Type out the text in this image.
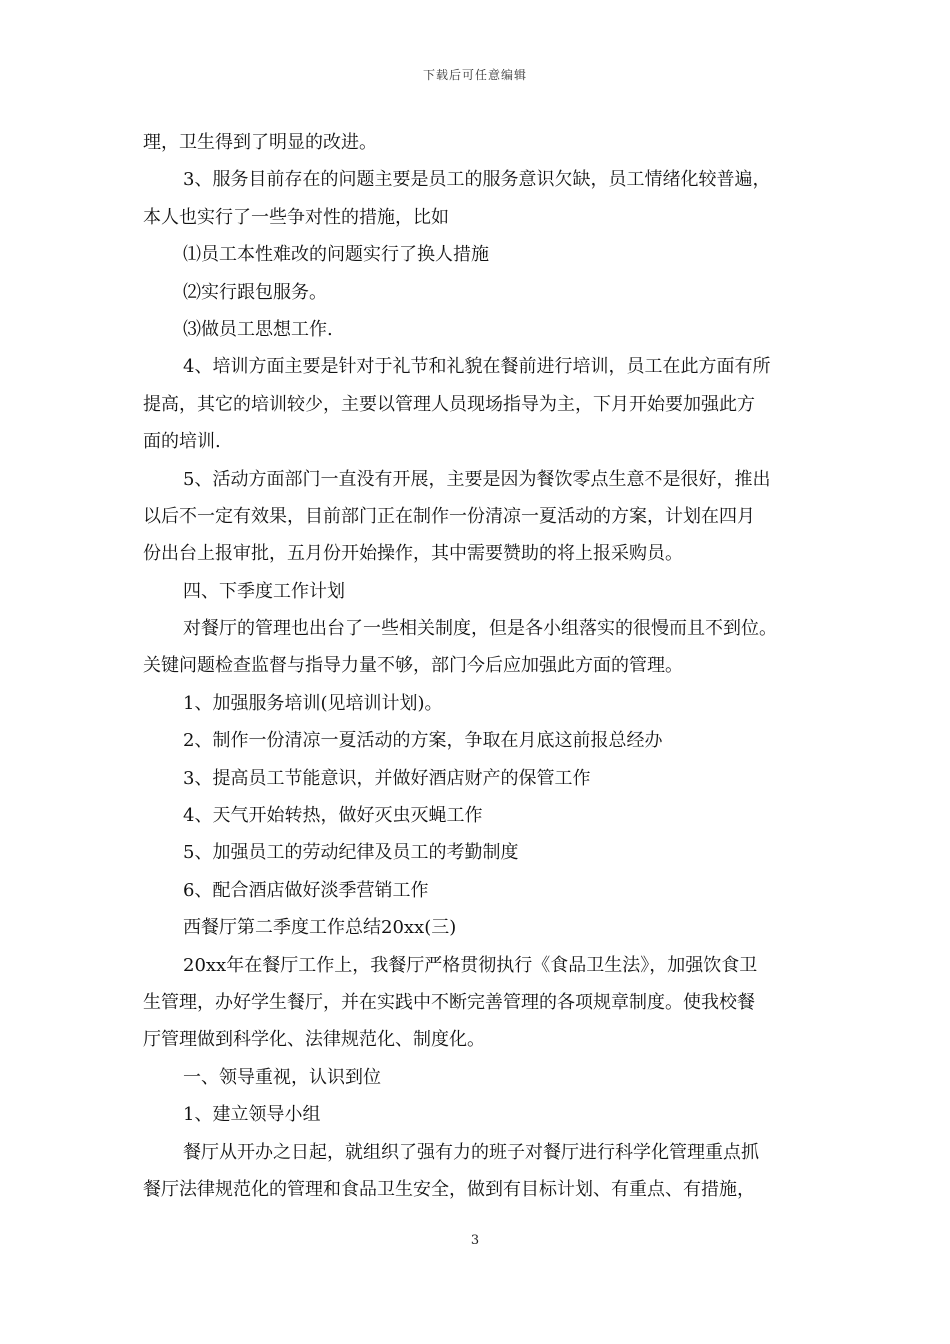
下载后可任意编辑
理，卫生得到了明显的改进。
3、服务目前存在的问题主要是员工的服务意识欠缺，员工情绪化较普遍，
本人也实行了一些争对性的措施，比如
⑴员工本性难改的问题实行了换人措施
⑵实行跟包服务。
⑶做员工思想工作.
4、培训方面主要是针对于礼节和礼貌在餐前进行培训，员工在此方面有所
提高，其它的培训较少，主要以管理人员现场指导为主，下月开始要加强此方
面的培训.
5、活动方面部门一直没有开展，主要是因为餐饮零点生意不是很好，推出
以后不一定有效果，目前部门正在制作一份清凉一夏活动的方案，计划在四月
份出台上报审批，五月份开始操作，其中需要赞助的将上报采购员。
四、下季度工作计划
对餐厅的管理也出台了一些相关制度，但是各小组落实的很慢而且不到位。
关键问题检查监督与指导力量不够，部门今后应加强此方面的管理。
1、加强服务培训(见培训计划)。
2、制作一份清凉一夏活动的方案，争取在月底这前报总经办
3、提高员工节能意识，并做好酒店财产的保管工作
4、天气开始转热，做好灭虫灭蝇工作
5、加强员工的劳动纪律及员工的考勤制度
6、配合酒店做好淡季营销工作
西餐厅第二季度工作总结20xx(三)
20xx年在餐厅工作上，我餐厅严格贯彻执行《食品卫生法》，加强饮食卫
生管理，办好学生餐厅，并在实践中不断完善管理的各项规章制度。使我校餐
厅管理做到科学化、法律规范化、制度化。
一、领导重视，认识到位
1、建立领导小组
餐厅从开办之日起，就组织了强有力的班子对餐厅进行科学化管理重点抓
餐厅法律规范化的管理和食品卫生安全，做到有目标计划、有重点、有措施，
3
